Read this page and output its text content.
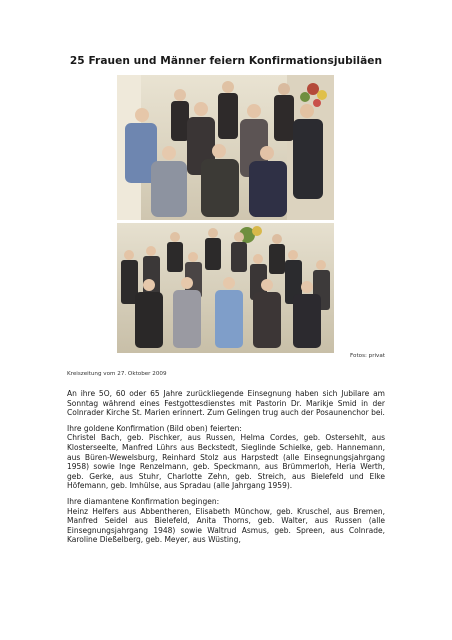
25 Frauen und Männer feiern Konfirmationsjubiläen
Fotos: privat
Kreiszeitung vom 27. Oktober 2009

An ihre 5O, 60 oder 65 Jahre zurückliegende Einsegnung haben sich Jubilare am Sonntag während eines Festgottesdienstes mit Pastorin Dr. Marikje Smid in der Colnrader Kirche St. Marien erinnert. Zum Gelingen trug auch der Posaunenchor bei.

Ihre goldene Konfirmation (Bild oben) feierten:
Christel Bach, geb. Pischker, aus Russen, Helma Cordes, geb. Ostersehlt, aus Klosterseelte, Manfred Lührs aus Beckstedt, Sieglinde Schielke, geb. Hannemann, aus Büren-Wewelsburg, Reinhard Stolz aus Harpstedt (alle Einsegnungsjahrgang 1958) sowie Inge Renzelmann, geb. Speckmann, aus Brümmerloh, Heria Werth, geb. Gerke, aus Stuhr, Charlotte Zehn, geb. Streich, aus Bielefeld und Elke Höfemann, geb. Imhülse, aus Spradau (alle Jahrgang 1959).

Ihre diamantene Konfirmation begingen:
Heinz Helfers aus Abbentheren, Elisabeth Münchow, geb. Kruschel, aus Bremen, Manfred Seidel aus Bielefeld, Anita Thorns, geb. Walter, aus Russen (alle Einsegnungsjahrgang 1948) sowie Waltrud Asmus, geb. Spreen, aus Colnrade, Karoline Dießelberg, geb. Meyer, aus Wüsting,
